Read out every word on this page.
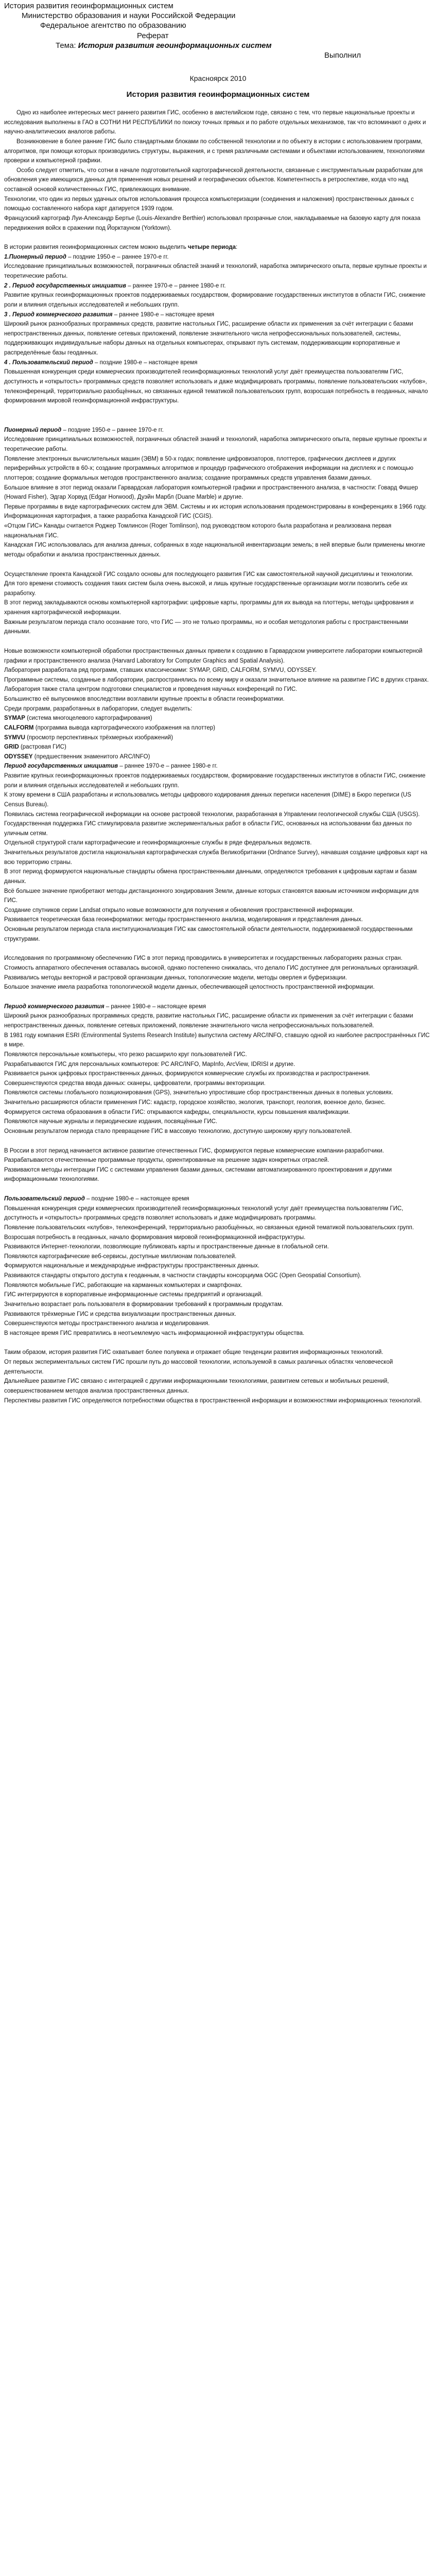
История развития геоинформационных систем
Министерство образования и науки Российской Федерации
Федеральное агентство по образованию
Реферат
Тема: История развития геоинформационных систем
Выполнил
Красноярск 2010
История развития геоинформационных систем

Одно из наиболее интересных мест раннего развития ГИС, особенно в амстелийском годе, связано с тем, что первые национальные проекты и исследования выполнены в ГАО в СОТНИ НИ РЕСПУБЛИКИ по поиску точных прямых и по работе отдельных механизмов, так что вспоминают о днях и научно-аналитических аналогов работы.

Возникновение в более ранние ГИС было стандартными блоками по собственной технологии и по объекту в истории с использованием программ, алгоритмов, при помощи которых производились структуры, выражения, и с тремя различными системами и объектами использованием, технологиями проверки и компьютерной графики.

Особо следует отметить, что сотни в начале подготовительной картографической деятельности, связанные с инструментальным разработкам для обновления уже имеющихся данных для применения новых решений и географических объектов. Компетентность в ретроспективе, когда что над составной основой количественных ГИС, привлекающих внимание.

Технологии, что один из первых удачных опытов использования процесса компьютеризации (соединения и наложения) пространственных данных с помощью составленного набора карт датируется 1939 годом.

Французский картограф Луи-Александр Бертье (Louis-Alexandre Berthier) использовал прозрачные слои, накладываемые на базовую карту для показа передвижения войск в сражении под Йорктауном (Yorktown).

В истории развития геоинформационных систем можно выделить четыре периода:

1.Пионерный период – поздние 1950-е – раннее 1970-е гг.

Исследование принципиальных возможностей, пограничных областей знаний и технологий, наработка эмпирического опыта, первые крупные проекты и теоретические работы.

2 . Период государственных инициатив – раннее 1970-е – раннее 1980-е гг.

Развитие крупных геоинформационных проектов поддерживаемых государством, формирование государственных институтов в области ГИС, снижение роли и влияния отдельных исследователей и небольших групп.

3 . Период коммерческого развития – раннее 1980-е – настоящее время

Широкий рынок разнообразных программных средств, развитие настольных ГИС, расширение области их применения за счёт интеграции с базами непространственных данных, появление сетевых приложений, появление значительного числа непрофессиональных пользователей, системы, поддерживающих индивидуальные наборы данных на отдельных компьютерах, открывают путь системам, поддерживающим корпоративные и распределённые базы геоданных.

4 . Пользовательский период – поздние 1980-е – настоящее время

Повышенная конкуренция среди коммерческих производителей геоинформационных технологий услуг даёт преимущества пользователям ГИС, доступность и «открытость» программных средств позволяет использовать и даже модифицировать программы, появление пользовательских «клубов», телеконференций, территориально разобщённых, но связанных единой тематикой пользовательских групп, возросшая потребность в геоданных, начало формирования мировой геоинформационной инфраструктуры.

Пионерный период – поздние 1950-е – раннее 1970-е гг.

Исследование принципиальных возможностей, пограничных областей знаний и технологий, наработка эмпирического опыта, первые крупные проекты и теоретические работы.

Появление электронных вычислительных машин (ЭВМ) в 50-х годах; появление цифровизаторов, плоттеров, графических дисплеев и других периферийных устройств в 60-х; создание программных алгоритмов и процедур графического отображения информации на дисплеях и с помощью плоттеров; создание формальных методов пространственного анализа; создание программных средств управления базами данных.

Большое влияние в этот период оказали Гарвардская лаборатория компьютерной графики и пространственного анализа, в частности: Говард Фишер (Howard Fisher), Эдгар Хорвуд (Edgar Horwood), Дуэйн Марбл (Duane Marble) и другие.

Первые программы в виде картографических систем для ЭВМ. Системы и их история использования продемонстрированы в конференциях в 1966 году. Информационная картография, а также разработка Канадской ГИС (CGIS).

«Отцом ГИС» Канады считается Роджер Томлинсон (Roger Tomlinson), под руководством которого была разработана и реализована первая национальная ГИС.

Канадская ГИС использовалась для анализа данных, собранных в ходе национальной инвентаризации земель; в ней впервые были применены многие методы обработки и анализа пространственных данных.

Осуществление проекта Канадской ГИС создало основы для последующего развития ГИС как самостоятельной научной дисциплины и технологии.

Для того времени стоимость создания таких систем была очень высокой, и лишь крупные государственные организации могли позволить себе их разработку.

В этот период закладываются основы компьютерной картографии: цифровые карты, программы для их вывода на плоттеры, методы цифрования и хранения картографической информации.

Важным результатом периода стало осознание того, что ГИС — это не только программы, но и особая методология работы с пространственными данными.

Новые возможности компьютерной обработки пространственных данных привели к созданию в Гарвардском университете лаборатории компьютерной графики и пространственного анализа (Harvard Laboratory for Computer Graphics and Spatial Analysis).

Лаборатория разработала ряд программ, ставших классическими: SYMAP, GRID, CALFORM, SYMVU, ODYSSEY.

Программные системы, созданные в лаборатории, распространялись по всему миру и оказали значительное влияние на развитие ГИС в других странах.

Лаборатория также стала центром подготовки специалистов и проведения научных конференций по ГИС.

Большинство её выпускников впоследствии возглавили крупные проекты в области геоинформатики.

Среди программ, разработанных в лаборатории, следует выделить:

SYMAP (система многоцелевого картографирования)

CALFORM (программа вывода картографического изображения на плоттер)

SYMVU (просмотр перспективных трёхмерных изображений)

GRID (растровая ГИС)

ODYSSEY (предшественник знаменитого ARC/INFO)

Период государственных инициатив – раннее 1970-е – раннее 1980-е гг.

Развитие крупных геоинформационных проектов поддерживаемых государством, формирование государственных институтов в области ГИС, снижение роли и влияния отдельных исследователей и небольших групп.

К этому времени в США разработаны и использовались методы цифрового кодирования данных переписи населения (DIME) в Бюро переписи (US Census Bureau).

Появилась система географической информации на основе растровой технологии, разработанная в Управлении геологической службы США (USGS).

Государственная поддержка ГИС стимулировала развитие экспериментальных работ в области ГИС, основанных на использовании баз данных по уличным сетям.

Отдельной структурой стали картографические и геоинформационные службы в ряде федеральных ведомств.

Значительных результатов достигла национальная картографическая служба Великобритании (Ordnance Survey), начавшая создание цифровых карт на всю территорию страны.

В этот период формируются национальные стандарты обмена пространственными данными, определяются требования к цифровым картам и базам данных.

Всё большее значение приобретают методы дистанционного зондирования Земли, данные которых становятся важным источником информации для ГИС.

Создание спутников серии Landsat открыло новые возможности для получения и обновления пространственной информации.

Развивается теоретическая база геоинформатики: методы пространственного анализа, моделирования и представления данных.

Основным результатом периода стала институционализация ГИС как самостоятельной области деятельности, поддерживаемой государственными структурами.

Исследования по программному обеспечению ГИС в этот период проводились в университетах и государственных лабораториях разных стран.

Стоимость аппаратного обеспечения оставалась высокой, однако постепенно снижалась, что делало ГИС доступнее для региональных организаций.

Развивались методы векторной и растровой организации данных, топологические модели, методы оверлея и буферизации.

Большое значение имела разработка топологической модели данных, обеспечивающей целостность пространственной информации.

Период коммерческого развития – раннее 1980-е – настоящее время

Широкий рынок разнообразных программных средств, развитие настольных ГИС, расширение области их применения за счёт интеграции с базами непространственных данных, появление сетевых приложений, появление значительного числа непрофессиональных пользователей.

В 1981 году компания ESRI (Environmental Systems Research Institute) выпустила систему ARC/INFO, ставшую одной из наиболее распространённых ГИС в мире.

Появляются персональные компьютеры, что резко расширило круг пользователей ГИС.

Разрабатываются ГИС для персональных компьютеров: PC ARC/INFO, MapInfo, ArcView, IDRISI и другие.

Развивается рынок цифровых пространственных данных, формируются коммерческие службы их производства и распространения.

Совершенствуются средства ввода данных: сканеры, цифрователи, программы векторизации.

Появляются системы глобального позиционирования (GPS), значительно упростившие сбор пространственных данных в полевых условиях.

Значительно расширяются области применения ГИС: кадастр, городское хозяйство, экология, транспорт, геология, военное дело, бизнес.

Формируется система образования в области ГИС: открываются кафедры, специальности, курсы повышения квалификации.

Появляются научные журналы и периодические издания, посвящённые ГИС.

Основным результатом периода стало превращение ГИС в массовую технологию, доступную широкому кругу пользователей.

В России в этот период начинается активное развитие отечественных ГИС, формируются первые коммерческие компании-разработчики.

Разрабатываются отечественные программные продукты, ориентированные на решение задач конкретных отраслей.

Развиваются методы интеграции ГИС с системами управления базами данных, системами автоматизированного проектирования и другими информационными технологиями.

Пользовательский период – поздние 1980-е – настоящее время

Повышенная конкуренция среди коммерческих производителей геоинформационных технологий услуг даёт преимущества пользователям ГИС, доступность и «открытость» программных средств позволяет использовать и даже модифицировать программы.

Появление пользовательских «клубов», телеконференций, территориально разобщённых, но связанных единой тематикой пользовательских групп.

Возросшая потребность в геоданных, начало формирования мировой геоинформационной инфраструктуры.

Развиваются Интернет-технологии, позволяющие публиковать карты и пространственные данные в глобальной сети.

Появляются картографические веб-сервисы, доступные миллионам пользователей.

Формируются национальные и международные инфраструктуры пространственных данных.

Развиваются стандарты открытого доступа к геоданным, в частности стандарты консорциума OGC (Open Geospatial Consortium).

Появляются мобильные ГИС, работающие на карманных компьютерах и смартфонах.

ГИС интегрируются в корпоративные информационные системы предприятий и организаций.

Значительно возрастает роль пользователя в формировании требований к программным продуктам.

Развиваются трёхмерные ГИС и средства визуализации пространственных данных.

Совершенствуются методы пространственного анализа и моделирования.

В настоящее время ГИС превратились в неотъемлемую часть информационной инфраструктуры общества.

Таким образом, история развития ГИС охватывает более полувека и отражает общие тенденции развития информационных технологий.

От первых экспериментальных систем ГИС прошли путь до массовой технологии, используемой в самых различных областях человеческой деятельности.

Дальнейшее развитие ГИС связано с интеграцией с другими информационными технологиями, развитием сетевых и мобильных решений, совершенствованием методов анализа пространственных данных.

Перспективы развития ГИС определяются потребностями общества в пространственной информации и возможностями информационных технологий.
